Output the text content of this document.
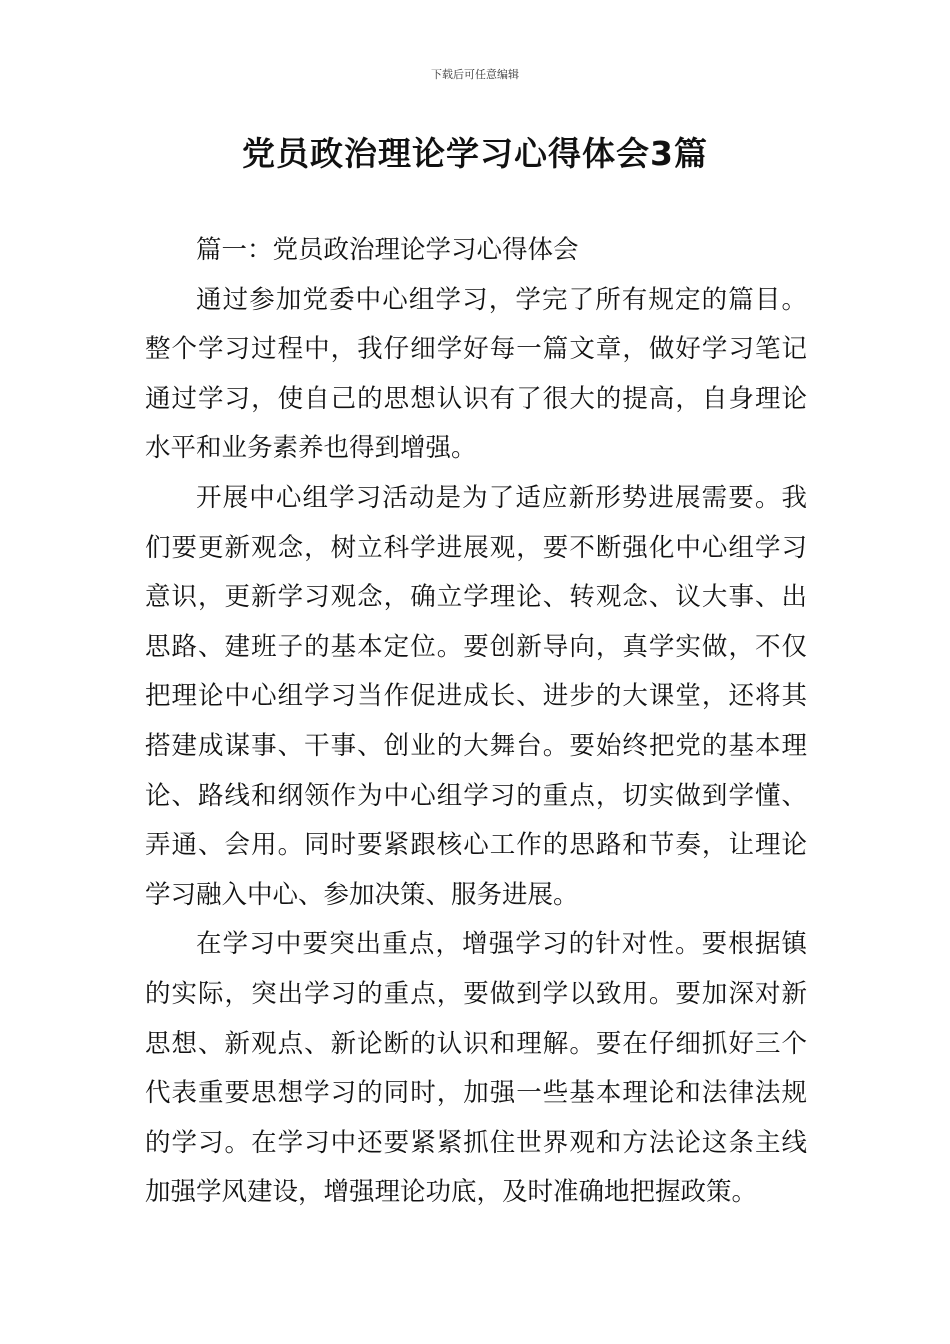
下载后可任意编辑
党员政治理论学习心得体会3篇

篇一：党员政治理论学习心得体会

通过参加党委中心组学习，学完了所有规定的篇目。整个学习过程中，我仔细学好每一篇文章，做好学习笔记通过学习，使自己的思想认识有了很大的提高，自身理论水平和业务素养也得到增强。

开展中心组学习活动是为了适应新形势进展需要。我们要更新观念，树立科学进展观，要不断强化中心组学习意识，更新学习观念，确立学理论、转观念、议大事、出思路、建班子的基本定位。要创新导向，真学实做，不仅把理论中心组学习当作促进成长、进步的大课堂，还将其搭建成谋事、干事、创业的大舞台。要始终把党的基本理论、路线和纲领作为中心组学习的重点，切实做到学懂、弄通、会用。同时要紧跟核心工作的思路和节奏，让理论学习融入中心、参加决策、服务进展。

在学习中要突出重点，增强学习的针对性。要根据镇的实际，突出学习的重点，要做到学以致用。要加深对新思想、新观点、新论断的认识和理解。要在仔细抓好三个代表重要思想学习的同时，加强一些基本理论和法律法规的学习。在学习中还要紧紧抓住世界观和方法论这条主线加强学风建设，增强理论功底，及时准确地把握政策。
